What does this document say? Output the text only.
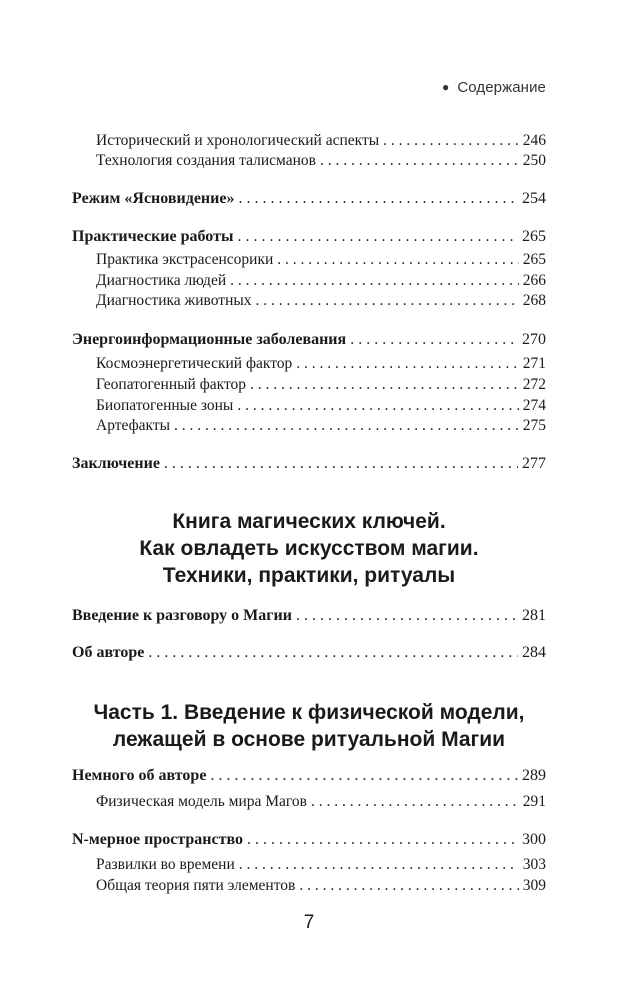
● Содержание
Исторический и хронологический аспекты . . .	246
Технология создания талисманов . . .	250
Режим «Ясновидение» . . .	254
Практические работы . . .	265
Практика экстрасенсорики . . .	265
Диагностика людей . . .	266
Диагностика животных . . .	268
Энергоинформационные заболевания . . .	270
Космоэнергетический фактор . . .	271
Геопатогенный фактор . . .	272
Биопатогенные зоны . . .	274
Артефакты . . .	275
Заключение . . .	277
Книга магических ключей.
Как овладеть искусством магии.
Техники, практики, ритуалы
Введение к разговору о Магии . . .	281
Об авторе . . .	284
Часть 1. Введение к физической модели,
лежащей в основе ритуальной Магии
Немного об авторе . . .	289
Физическая модель мира Магов . . .	291
N-мерное пространство . . .	300
Развилки во времени . . .	303
Общая теория пяти элементов . . .	309
7
